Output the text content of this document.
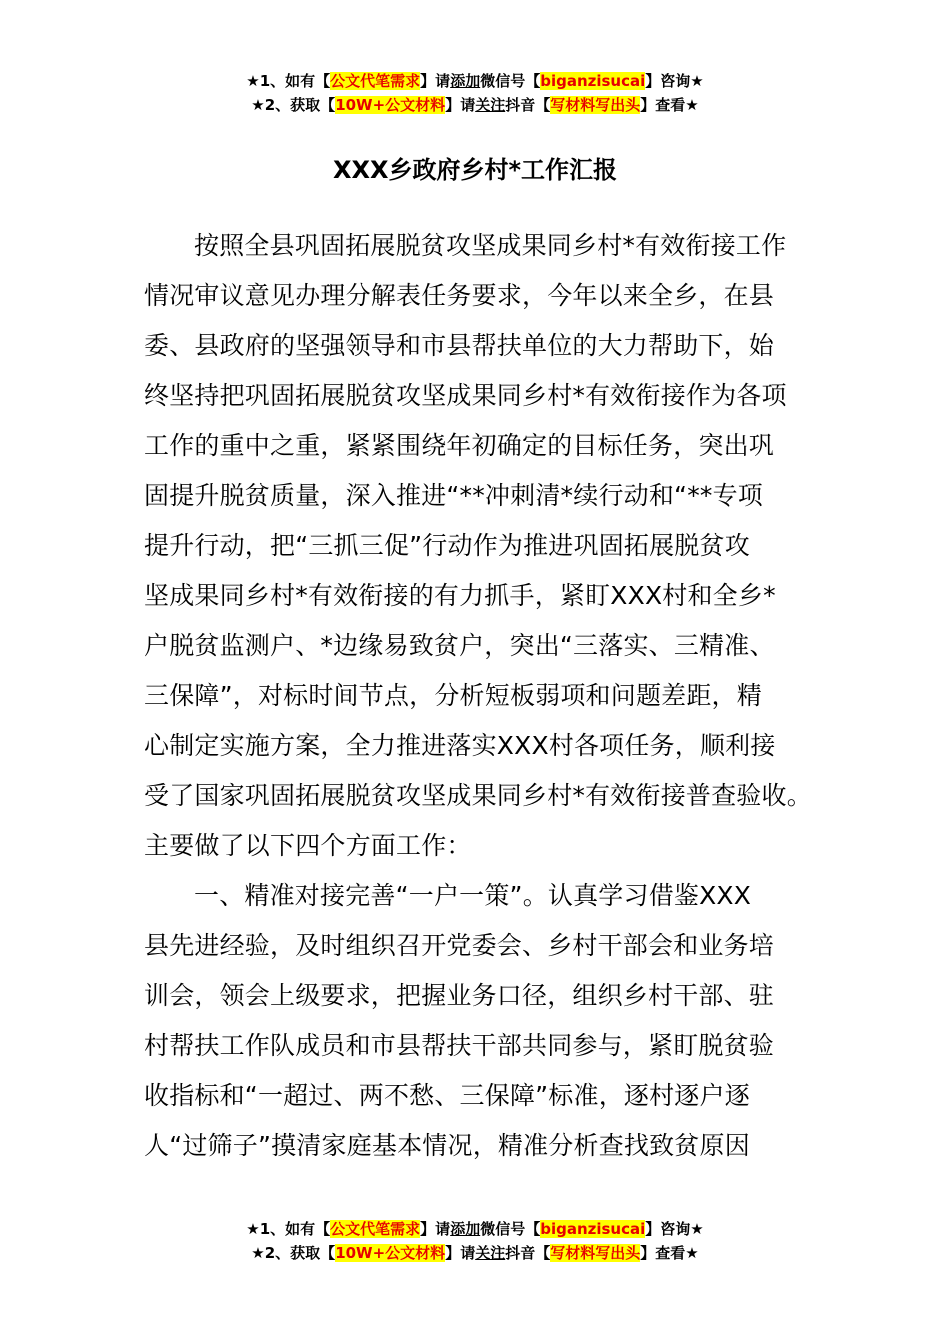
★1、如有【公文代笔需求】请添加微信号【biganzisucai】咨询★
★2、获取【10W+公文材料】请关注抖音【写材料写出头】查看★
XXX乡政府乡村*工作汇报
按照全县巩固拓展脱贫攻坚成果同乡村*有效衔接工作
情况审议意见办理分解表任务要求，今年以来全乡，在县
委、县政府的坚强领导和市县帮扶单位的大力帮助下，始
终坚持把巩固拓展脱贫攻坚成果同乡村*有效衔接作为各项
工作的重中之重，紧紧围绕年初确定的目标任务，突出巩
固提升脱贫质量，深入推进“**冲刺清*续行动和“**专项
提升行动，把“三抓三促”行动作为推进巩固拓展脱贫攻
坚成果同乡村*有效衔接的有力抓手，紧盯XXX村和全乡*
户脱贫监测户、*边缘易致贫户，突出“三落实、三精准、
三保障”，对标时间节点，分析短板弱项和问题差距，精
心制定实施方案，全力推进落实XXX村各项任务，顺利接
受了国家巩固拓展脱贫攻坚成果同乡村*有效衔接普查验收。
主要做了以下四个方面工作：
一、精准对接完善“一户一策”。认真学习借鉴XXX
县先进经验，及时组织召开党委会、乡村干部会和业务培
训会，领会上级要求，把握业务口径，组织乡村干部、驻
村帮扶工作队成员和市县帮扶干部共同参与，紧盯脱贫验
收指标和“一超过、两不愁、三保障”标准，逐村逐户逐
人“过筛子”摸清家庭基本情况，精准分析查找致贫原因
★1、如有【公文代笔需求】请添加微信号【biganzisucai】咨询★
★2、获取【10W+公文材料】请关注抖音【写材料写出头】查看★
